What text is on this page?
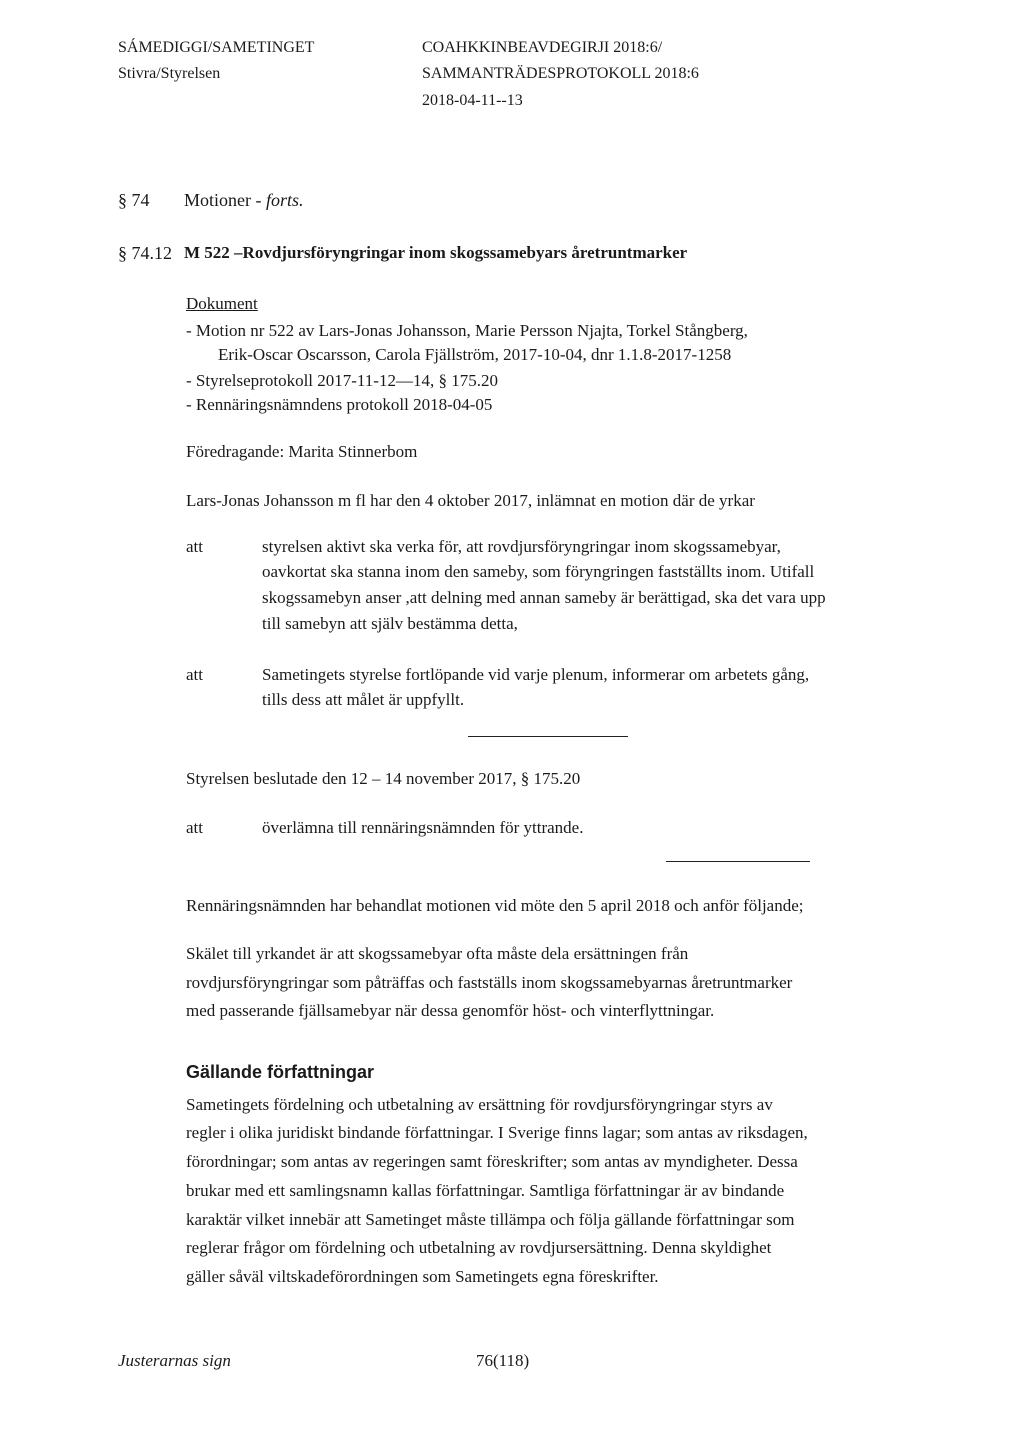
SÁMEDIGGI/SAMETINGET
Stivra/Styrelsen
COAHKKINBEAVDEGIRJI 2018:6/
SAMMANTRÄDESPROTOKOLL 2018:6
2018-04-11--13
§ 74 Motioner - forts.
§ 74.12 M 522 –Rovdjursföryngringar inom skogssamebyars åretruntmarker
Dokument
- Motion nr 522 av Lars-Jonas Johansson, Marie Persson Njajta, Torkel Stångberg,
Erik-Oscar Oscarsson, Carola Fjällström, 2017-10-04, dnr 1.1.8-2017-1258
- Styrelseprotokoll 2017-11-12—14, § 175.20
- Rennäringsnämndens protokoll 2018-04-05
Föredragande: Marita Stinnerbom
Lars-Jonas Johansson m fl har den 4 oktober 2017, inlämnat en motion där de yrkar
att	styrelsen aktivt ska verka för, att rovdjursföryngringar inom skogssamebyar,
oavkortat ska stanna inom den sameby, som föryngringen fastställts inom. Utifall
skogssamebyn anser ,att delning med annan sameby är berättigad, ska det vara upp
till samebyn att själv bestämma detta,
att	Sametingets styrelse fortlöpande vid varje plenum, informerar om arbetets gång,
tills dess att målet är uppfyllt.
Styrelsen beslutade den 12 – 14 november 2017, § 175.20
att	överlämna till rennäringsnämnden för yttrande.
Rennäringsnämnden har behandlat motionen vid möte den 5 april 2018 och anför följande;
Skälet till yrkandet är att skogssamebyar ofta måste dela ersättningen från
rovdjursföryngringar som påträffas och fastställs inom skogssamebyarnas åretruntmarker
med passerande fjällsamebyar när dessa genomför höst- och vinterflyttningar.
Gällande författningar
Sametingets fördelning och utbetalning av ersättning för rovdjursföryngringar styrs av
regler i olika juridiskt bindande författningar. I Sverige finns lagar; som antas av riksdagen,
förordningar; som antas av regeringen samt föreskrifter; som antas av myndigheter. Dessa
brukar med ett samlingsnamn kallas författningar. Samtliga författningar är av bindande
karaktär vilket innebär att Sametinget måste tillämpa och följa gällande författningar som
reglerar frågor om fördelning och utbetalning av rovdjursersättning. Denna skyldighet
gäller såväl viltskadeförordningen som Sametingets egna föreskrifter.
Justerarnas sign	76(118)
